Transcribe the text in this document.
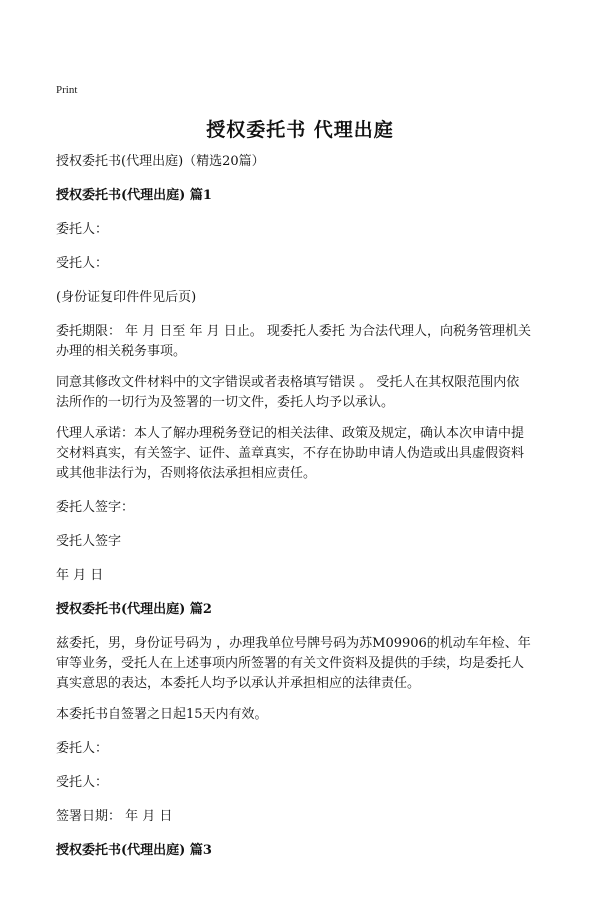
Print
授权委托书 代理出庭

授权委托书(代理出庭)（精选20篇）

授权委托书(代理出庭) 篇1

委托人：

受托人：

(身份证复印件件见后页)

委托期限： 年 月 日至 年 月 日止。 现委托人委托 为合法代理人，向税务管理机关

办理的相关税务事项。

同意其修改文件材料中的文字错误或者表格填写错误 。 受托人在其权限范围内依

法所作的一切行为及签署的一切文件，委托人均予以承认。

代理人承诺：本人了解办理税务登记的相关法律、政策及规定，确认本次申请中提

交材料真实，有关签字、证件、盖章真实，不存在协助申请人伪造或出具虚假资料

或其他非法行为，否则将依法承担相应责任。

委托人签字：

受托人签字

年 月 日

授权委托书(代理出庭) 篇2

兹委托，男，身份证号码为 ，办理我单位号牌号码为苏M09906的机动车年检、年

审等业务，受托人在上述事项内所签署的有关文件资料及提供的手续，均是委托人

真实意思的表达，本委托人均予以承认并承担相应的法律责任。

本委托书自签署之日起15天内有效。

委托人：

受托人：

签署日期： 年 月 日

授权委托书(代理出庭) 篇3
